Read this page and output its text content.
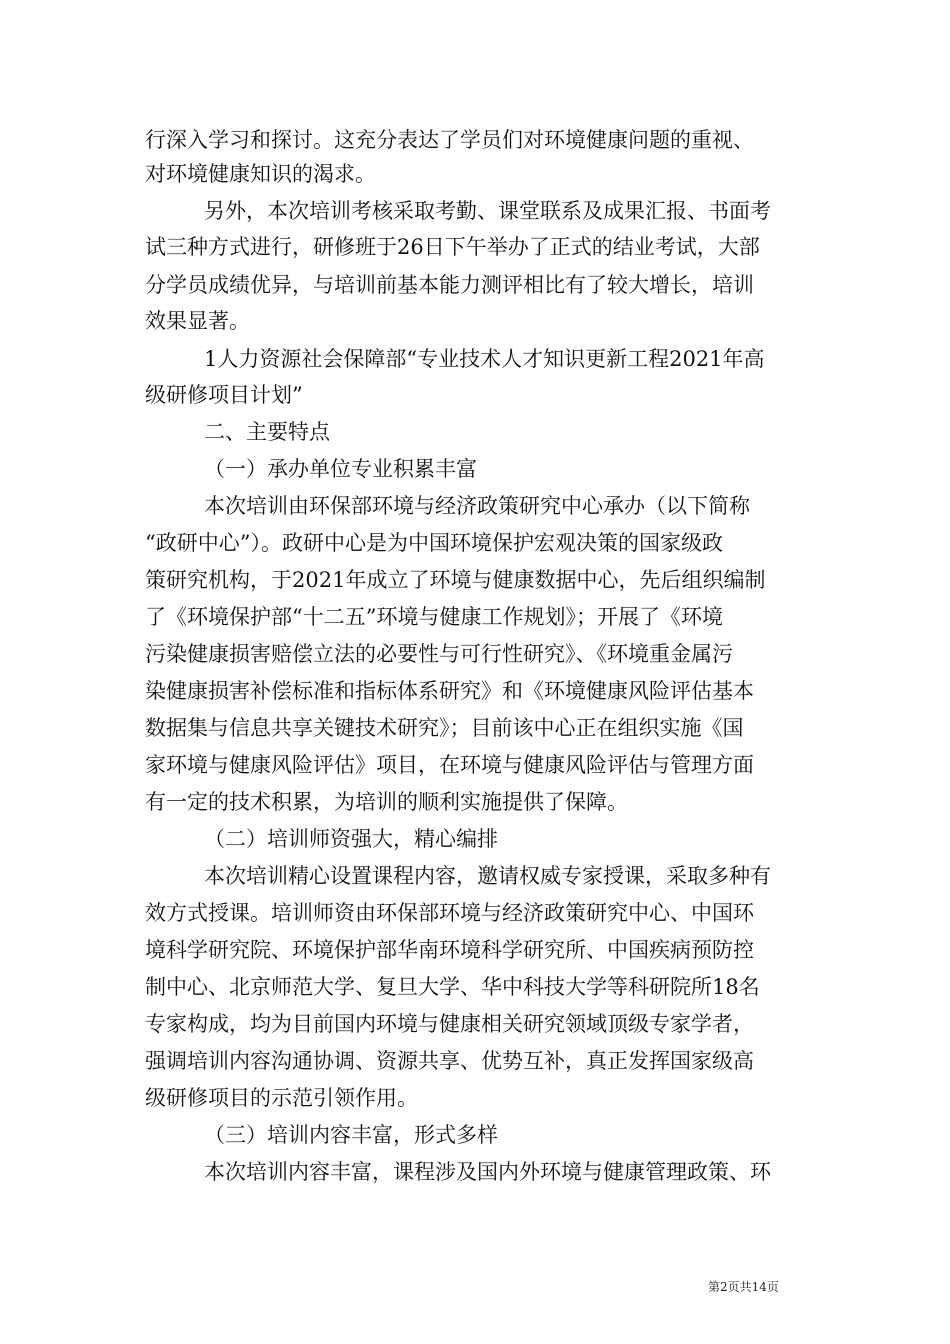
行深入学习和探讨。这充分表达了学员们对环境健康问题的重视、
对环境健康知识的渴求。
另外，本次培训考核采取考勤、课堂联系及成果汇报、书面考
试三种方式进行，研修班于26日下午举办了正式的结业考试，大部
分学员成绩优异，与培训前基本能力测评相比有了较大增长，培训
效果显著。
1人力资源社会保障部“专业技术人才知识更新工程2021年高
级研修项目计划”
二、主要特点
（一）承办单位专业积累丰富
本次培训由环保部环境与经济政策研究中心承办（以下简称
“政研中心”）。政研中心是为中国环境保护宏观决策的国家级政
策研究机构，于2021年成立了环境与健康数据中心，先后组织编制
了《环境保护部“十二五”环境与健康工作规划》；开展了《环境
污染健康损害赔偿立法的必要性与可行性研究》、《环境重金属污
染健康损害补偿标准和指标体系研究》和《环境健康风险评估基本
数据集与信息共享关键技术研究》；目前该中心正在组织实施《国
家环境与健康风险评估》项目，在环境与健康风险评估与管理方面
有一定的技术积累，为培训的顺利实施提供了保障。
（二）培训师资强大，精心编排
本次培训精心设置课程内容，邀请权威专家授课，采取多种有
效方式授课。培训师资由环保部环境与经济政策研究中心、中国环
境科学研究院、环境保护部华南环境科学研究所、中国疾病预防控
制中心、北京师范大学、复旦大学、华中科技大学等科研院所18名
专家构成，均为目前国内环境与健康相关研究领域顶级专家学者，
强调培训内容沟通协调、资源共享、优势互补，真正发挥国家级高
级研修项目的示范引领作用。
（三）培训内容丰富，形式多样
本次培训内容丰富，课程涉及国内外环境与健康管理政策、环
第2页共14页
